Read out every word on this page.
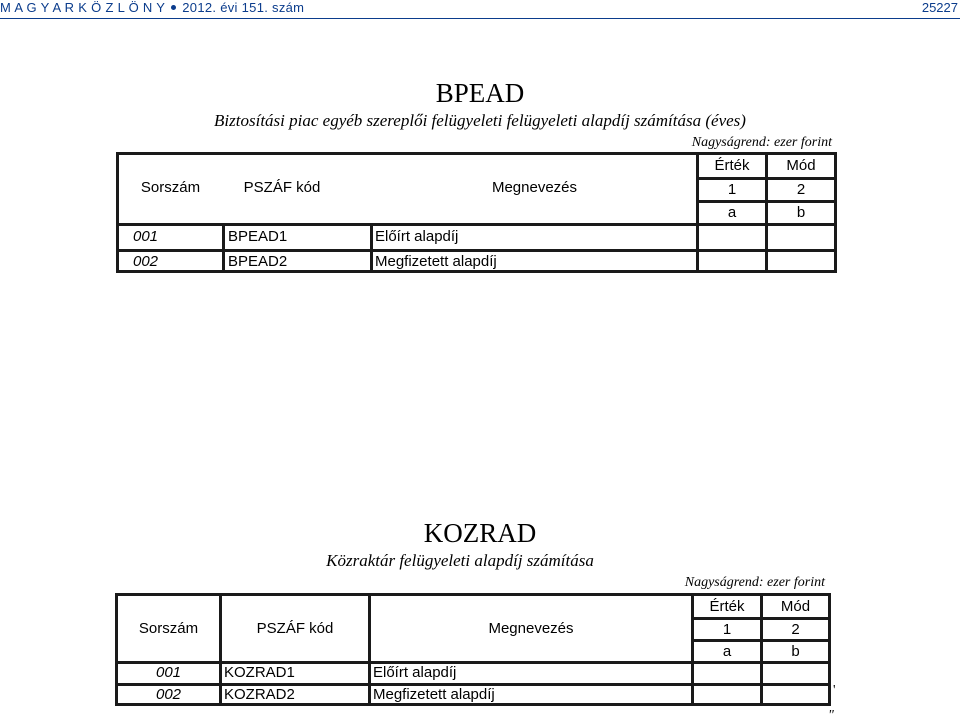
M A G Y A R K Ö Z L Ö N Y 2012. évi 151. szám	25227
BPEAD
Biztosítási piac egyéb szereplői felügyeleti felügyeleti alapdíj számítása (éves)
Nagyságrend: ezer forint
Sorszám	PSZÁF kód	Megnevezés
Érték	Mód
1	2
a	b
001	BPEAD1	Előírt alapdíj
002	BPEAD2	Megfizetett alapdíj
KOZRAD
Közraktár felügyeleti alapdíj számítása
Nagyságrend: ezer forint
Sorszám	PSZÁF kód	Megnevezés
Érték	Mód
1	2
a	b
001	KOZRAD1	Előírt alapdíj
002	KOZRAD2	Megfizetett alapdíj	'
"
